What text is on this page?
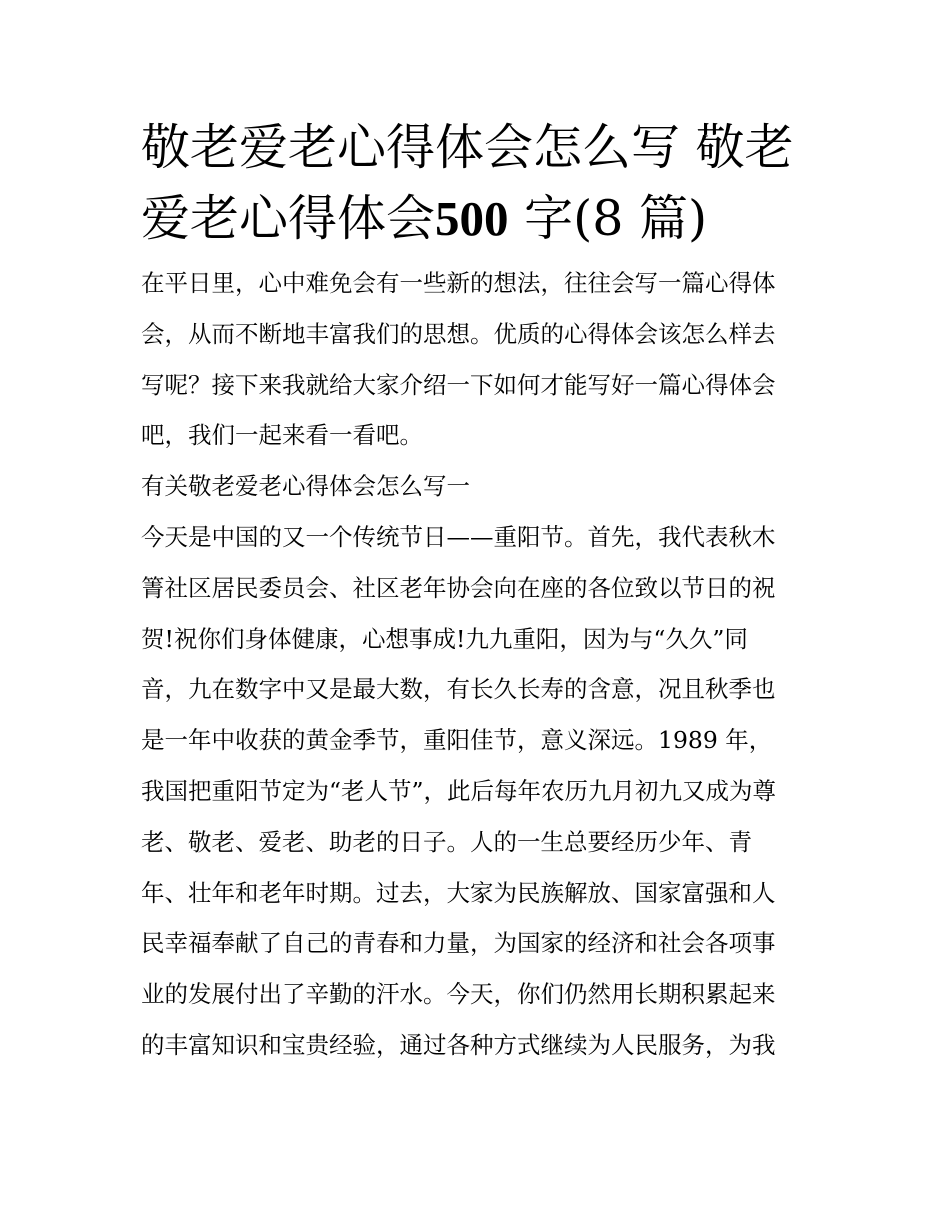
敬老爱老心得体会怎么写 敬老
爱老心得体会500 字(8 篇)
在平日里，心中难免会有一些新的想法，往往会写一篇心得体
会，从而不断地丰富我们的思想。优质的心得体会该怎么样去
写呢？接下来我就给大家介绍一下如何才能写好一篇心得体会
吧，我们一起来看一看吧。
有关敬老爱老心得体会怎么写一
今天是中国的又一个传统节日——重阳节。首先，我代表秋木
箐社区居民委员会、社区老年协会向在座的各位致以节日的祝
贺!祝你们身体健康，心想事成!九九重阳，因为与“久久”同
音，九在数字中又是最大数，有长久长寿的含意，况且秋季也
是一年中收获的黄金季节，重阳佳节，意义深远。1989 年，
我国把重阳节定为“老人节”，此后每年农历九月初九又成为尊
老、敬老、爱老、助老的日子。人的一生总要经历少年、青
年、壮年和老年时期。过去，大家为民族解放、国家富强和人
民幸福奉献了自己的青春和力量，为国家的经济和社会各项事
业的发展付出了辛勤的汗水。今天，你们仍然用长期积累起来
的丰富知识和宝贵经验，通过各种方式继续为人民服务，为我
